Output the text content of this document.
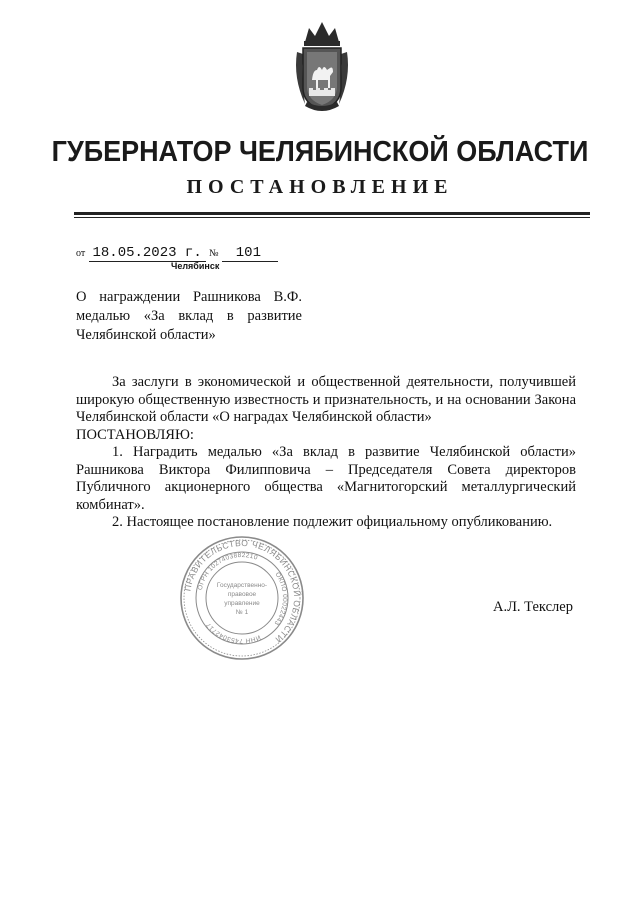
ГУБЕРНАТОР ЧЕЛЯБИНСКОЙ ОБЛАСТИ
ПОСТАНОВЛЕНИЕ
от 18.05.2023 г. № 101
Челябинск
О награждении Рашникова В.Ф.
медалью «За вклад в развитие
Челябинской области»

За заслуги в экономической и общественной деятельности, получившей широкую общественную известность и признательность, и на основании Закона Челябинской области «О наградах Челябинской области»

ПОСТАНОВЛЯЮ:

1. Наградить медалью «За вклад в развитие Челябинской области» Рашникова Виктора Филипповича – Председателя Совета директоров Публичного акционерного общества «Магнитогорский металлургический комбинат».

2. Настоящее постановление подлежит официальному опубликованию.

ПРАВИТЕЛЬСТВО ЧЕЛЯБИНСКОЙ ОБЛАСТИ
ОГРН 1027403882210
ОКПО 00022443
ИНН 7453042717
Государственно-
правовое
управление
№ 1	А.Л. Текслер
